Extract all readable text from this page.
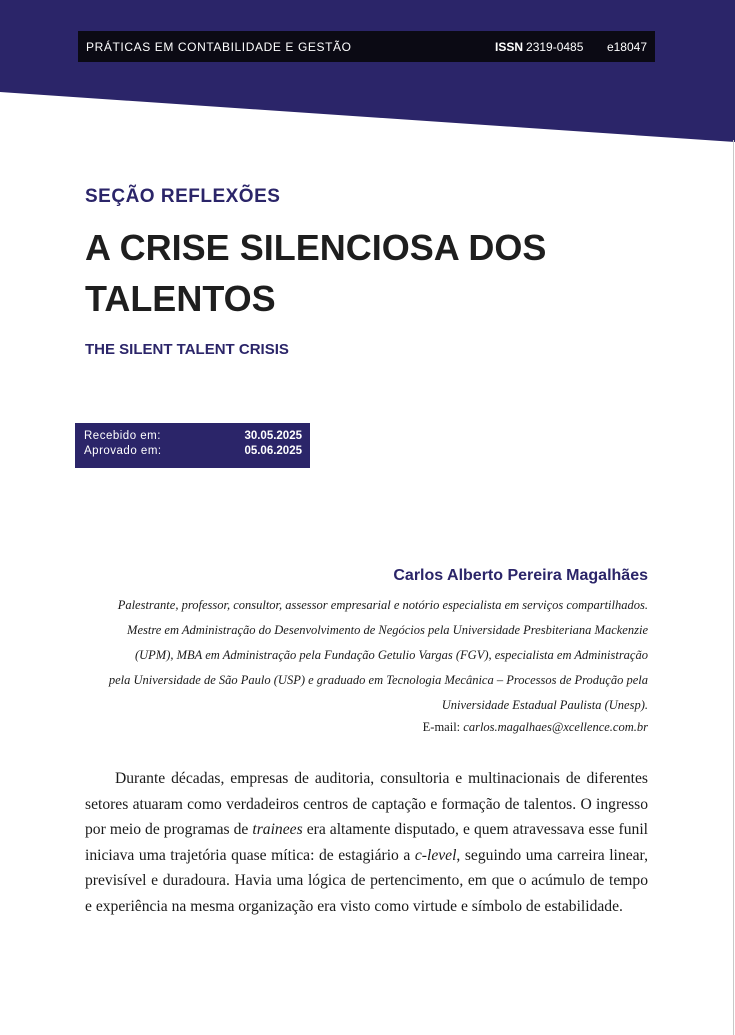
PRÁTICAS EM CONTABILIDADE E GESTÃO	ISSN 2319-0485 e18047
SEÇÃO REFLEXÕES
A CRISE SILENCIOSA DOS
TALENTOS
THE SILENT TALENT CRISIS
Recebido em:	30.05.2025
Aprovado em:	05.06.2025
Carlos Alberto Pereira Magalhães
Palestrante, professor, consultor, assessor empresarial e notório especialista em serviços compartilhados.
Mestre em Administração do Desenvolvimento de Negócios pela Universidade Presbiteriana Mackenzie
(UPM), MBA em Administração pela Fundação Getulio Vargas (FGV), especialista em Administração
pela Universidade de São Paulo (USP) e graduado em Tecnologia Mecânica – Processos de Produção pela
Universidade Estadual Paulista (Unesp).
E-mail: carlos.magalhaes@xcellence.com.br

Durante décadas, empresas de auditoria, consultoria e multinacionais de diferentes setores atuaram como verdadeiros centros de captação e formação de talentos. O ingresso por meio de programas de trainees era altamente disputado, e quem atravessava esse funil iniciava uma trajetória quase mítica: de estagiário a c-level, seguindo uma carreira linear, previsível e duradoura. Havia uma lógica de pertencimento, em que o acúmulo de tempo e experiência na mesma organização era visto como virtude e símbolo de estabilidade.
